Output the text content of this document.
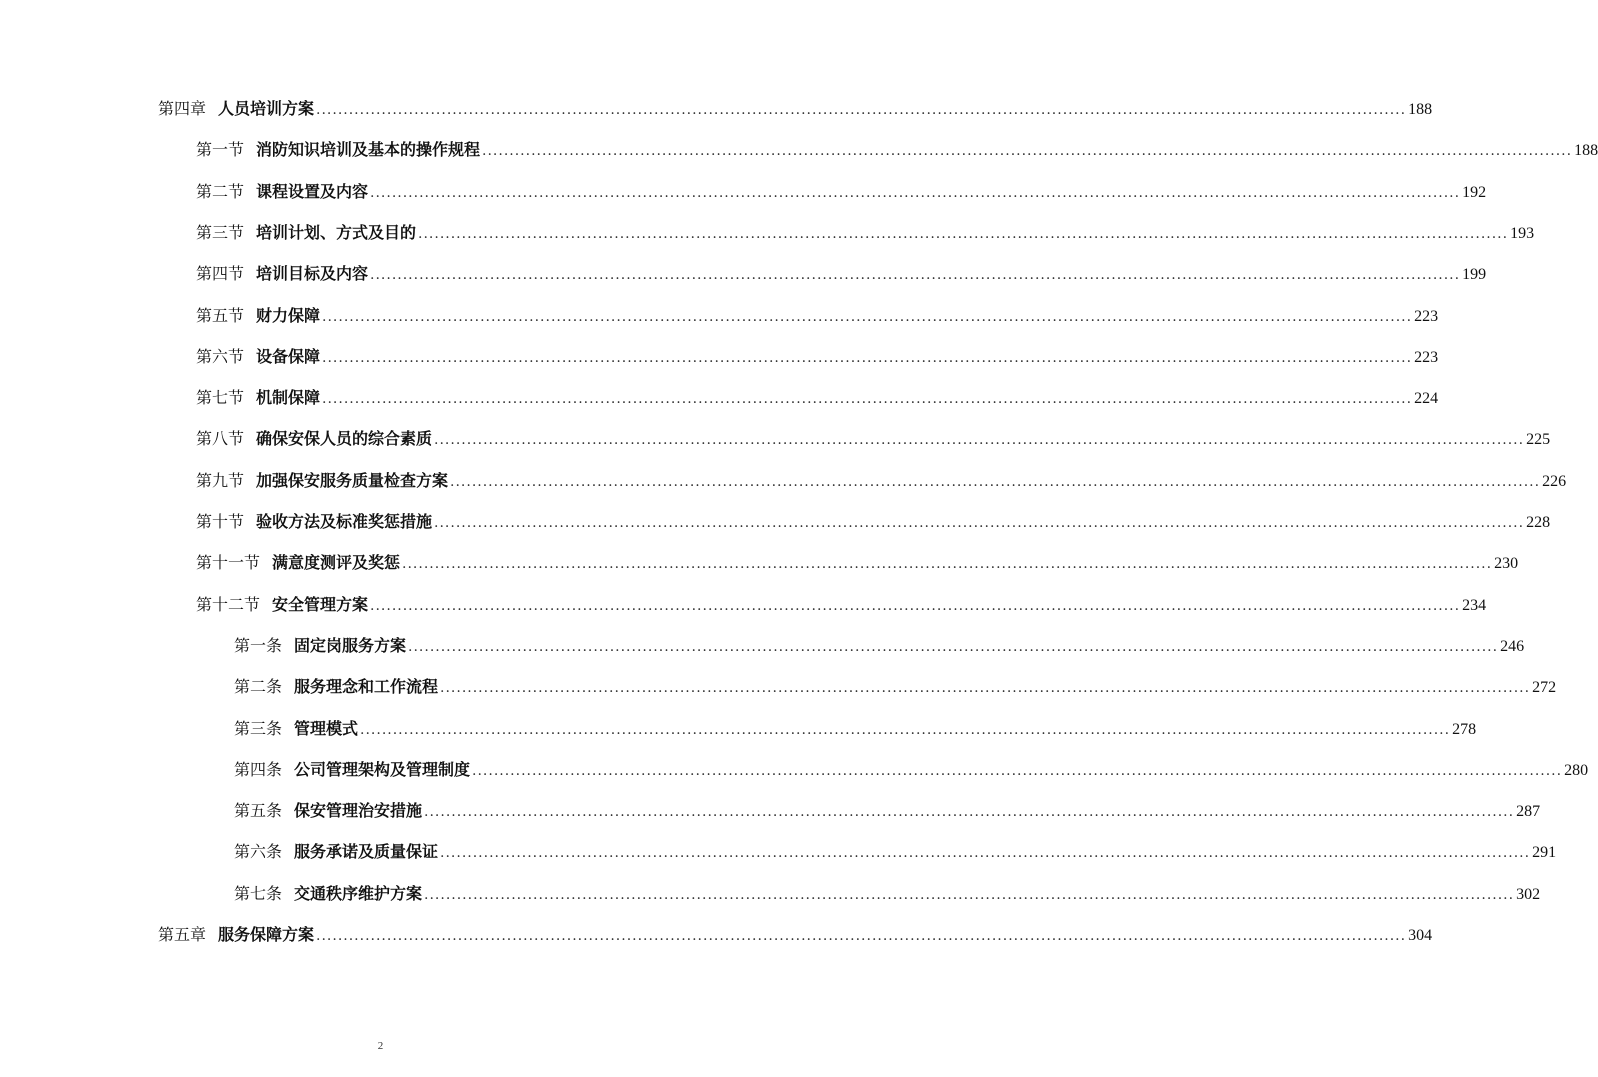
第四章 人员培训方案 ........................................................................................................................................................................................................ 188
第一节 消防知识培训及基本的操作规程 ........................................................................................................................................................................................................ 188
第二节 课程设置及内容 ........................................................................................................................................................................................................ 192
第三节 培训计划、方式及目的 ........................................................................................................................................................................................................ 193
第四节 培训目标及内容 ........................................................................................................................................................................................................ 199
第五节 财力保障 ........................................................................................................................................................................................................ 223
第六节 设备保障 ........................................................................................................................................................................................................ 223
第七节 机制保障 ........................................................................................................................................................................................................ 224
第八节 确保安保人员的综合素质 ........................................................................................................................................................................................................ 225
第九节 加强保安服务质量检查方案 ........................................................................................................................................................................................................ 226
第十节 验收方法及标准奖惩措施 ........................................................................................................................................................................................................ 228
第十一节 满意度测评及奖惩 ........................................................................................................................................................................................................ 230
第十二节 安全管理方案 ........................................................................................................................................................................................................ 234
第一条 固定岗服务方案 ........................................................................................................................................................................................................ 246
第二条 服务理念和工作流程 ........................................................................................................................................................................................................ 272
第三条 管理模式 ........................................................................................................................................................................................................ 278
第四条 公司管理架构及管理制度 ........................................................................................................................................................................................................ 280
第五条 保安管理治安措施 ........................................................................................................................................................................................................ 287
第六条 服务承诺及质量保证 ........................................................................................................................................................................................................ 291
第七条 交通秩序维护方案 ........................................................................................................................................................................................................ 302
第五章 服务保障方案 ........................................................................................................................................................................................................ 304
2
